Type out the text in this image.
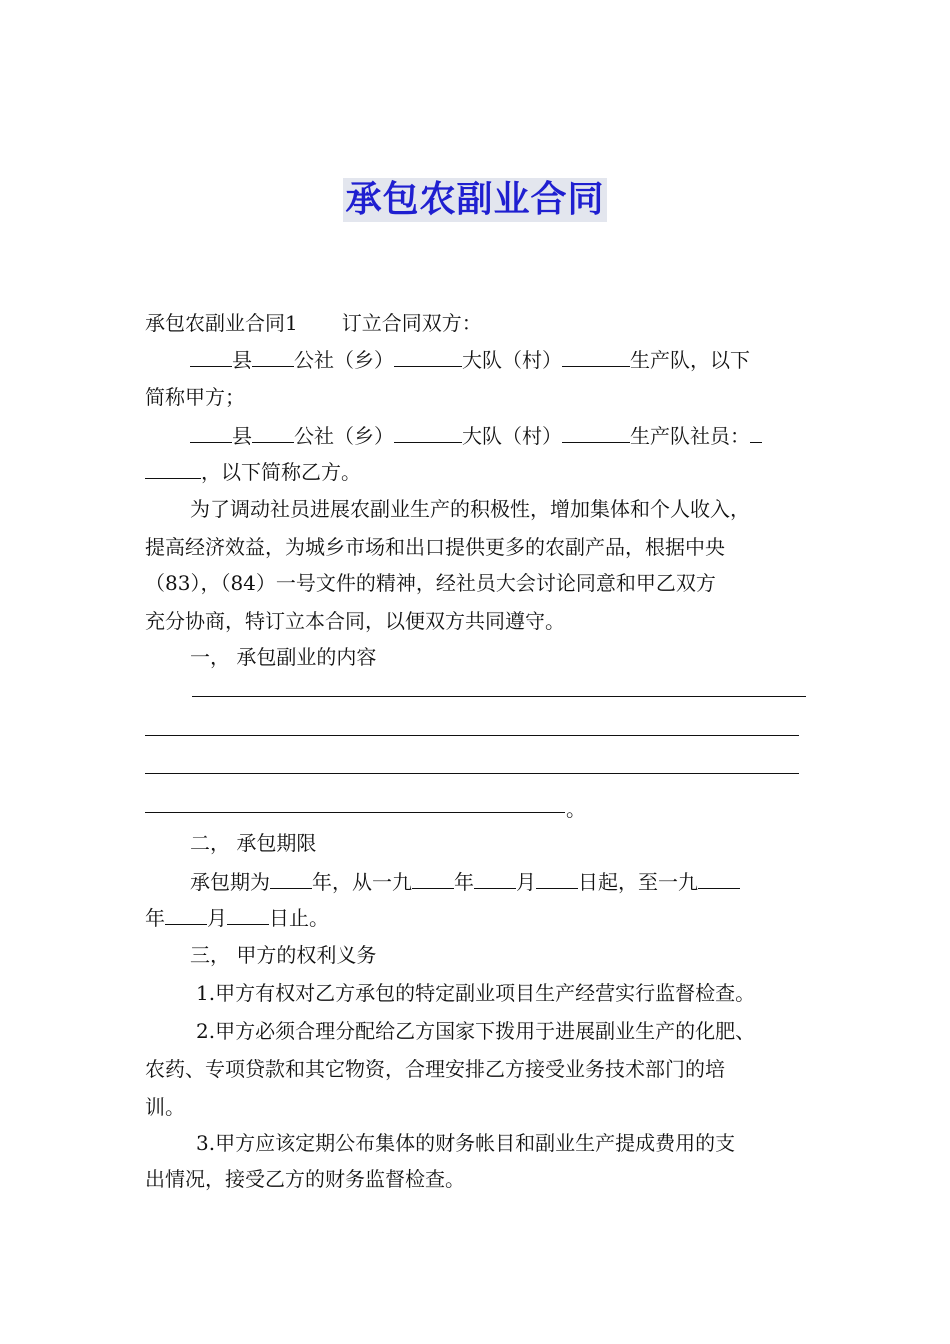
承包农副业合同
承包农副业合同1 订立合同双方：
县 公社（乡）	大队（村）	生产队，以下
简称甲方；
县 公社（乡）	大队（村）	生产队社员：
，以下简称乙方。
为了调动社员进展农副业生产的积极性，增加集体和个人收入，
提高经济效益，为城乡市场和出口提供更多的农副产品，根据中央
（83），（84）一号文件的精神，经社员大会讨论同意和甲乙双方
充分协商，特订立本合同，以便双方共同遵守。
一， 承包副业的内容
。
二， 承包期限
承包期为 年，从一九 年 月 日起，至一九
年 月 日止。
三， 甲方的权利义务
1.甲方有权对乙方承包的特定副业项目生产经营实行监督检查。
2.甲方必须合理分配给乙方国家下拨用于进展副业生产的化肥、
农药、专项贷款和其它物资，合理安排乙方接受业务技术部门的培
训。
3.甲方应该定期公布集体的财务帐目和副业生产提成费用的支
出情况，接受乙方的财务监督检查。
